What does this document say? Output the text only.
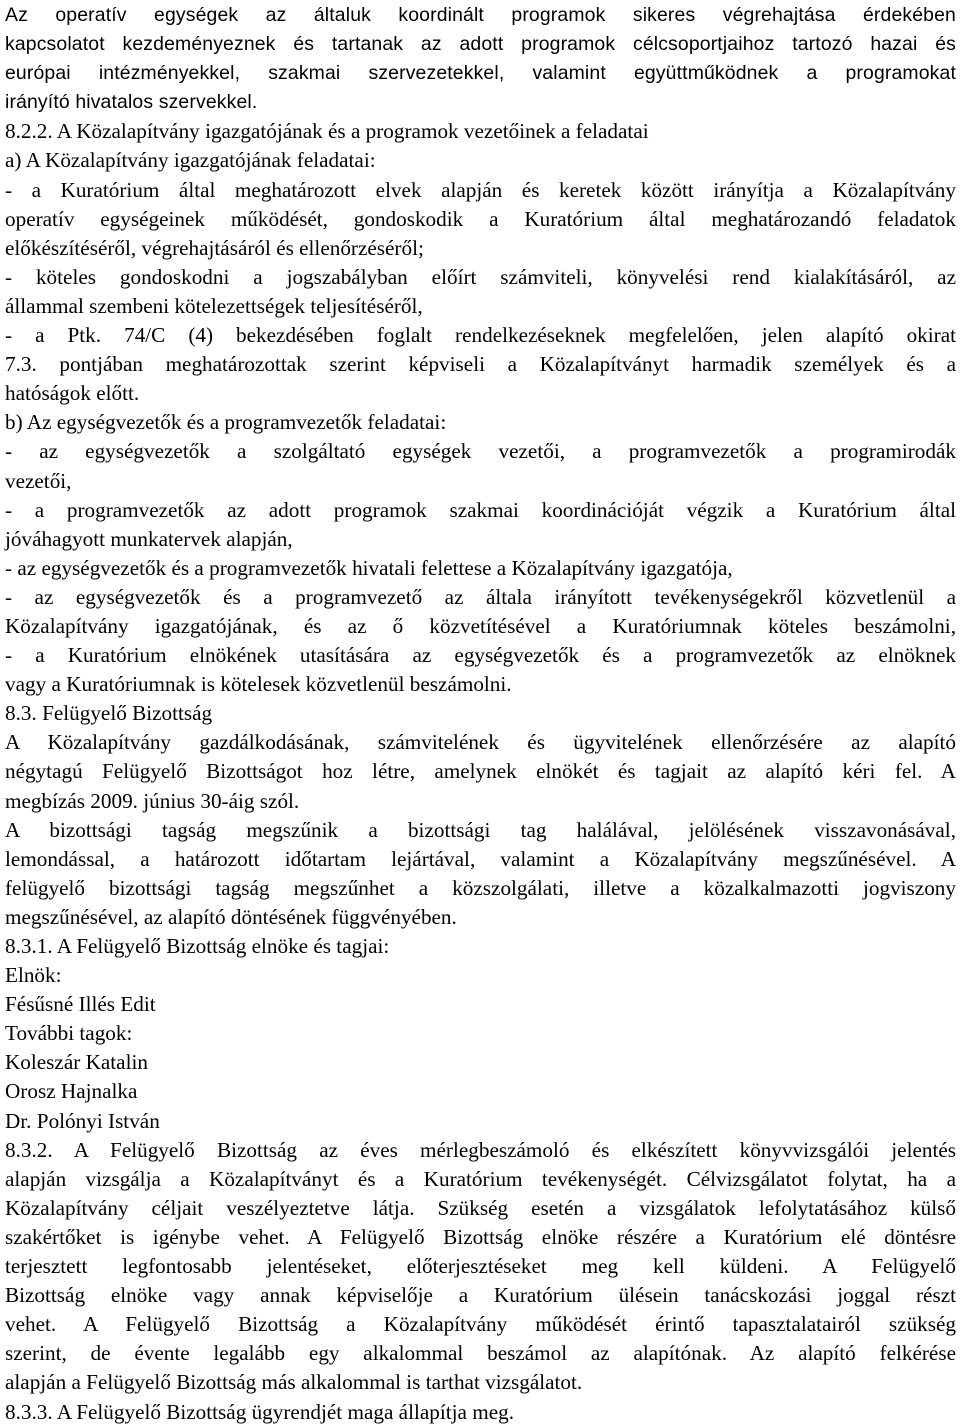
Az operatív egységek az általuk koordinált programok sikeres végrehajtása érdekében
kapcsolatot kezdeményeznek és tartanak az adott programok célcsoportjaihoz tartozó hazai és
európai intézményekkel, szakmai szervezetekkel, valamint együttműködnek a programokat
irányító hivatalos szervekkel.
8.2.2. A Közalapítvány igazgatójának és a programok vezetőinek a feladatai
a) A Közalapítvány igazgatójának feladatai:
- a Kuratórium által meghatározott elvek alapján és keretek között irányítja a Közalapítvány
operatív egységeinek működését, gondoskodik a Kuratórium által meghatározandó feladatok
előkészítéséről, végrehajtásáról és ellenőrzéséről;
- köteles gondoskodni a jogszabályban előírt számviteli, könyvelési rend kialakításáról, az
állammal szembeni kötelezettségek teljesítéséről,
- a Ptk. 74/C (4) bekezdésében foglalt rendelkezéseknek megfelelően, jelen alapító okirat
7.3. pontjában meghatározottak szerint képviseli a Közalapítványt harmadik személyek és a
hatóságok előtt.
b) Az egységvezetők és a programvezetők feladatai:
- az egységvezetők a szolgáltató egységek vezetői, a programvezetők a programirodák
vezetői,
- a programvezetők az adott programok szakmai koordinációját végzik a Kuratórium által
jóváhagyott munkatervek alapján,
- az egységvezetők és a programvezetők hivatali felettese a Közalapítvány igazgatója,
- az egységvezetők és a programvezető az általa irányított tevékenységekről közvetlenül a
Közalapítvány igazgatójának, és az ő közvetítésével a Kuratóriumnak köteles beszámolni,
- a Kuratórium elnökének utasítására az egységvezetők és a programvezetők az elnöknek
vagy a Kuratóriumnak is kötelesek közvetlenül beszámolni.
8.3. Felügyelő Bizottság
A Közalapítvány gazdálkodásának, számvitelének és ügyvitelének ellenőrzésére az alapító
négytagú Felügyelő Bizottságot hoz létre, amelynek elnökét és tagjait az alapító kéri fel. A
megbízás 2009. június 30-áig szól.
A bizottsági tagság megszűnik a bizottsági tag halálával, jelölésének visszavonásával,
lemondással, a határozott időtartam lejártával, valamint a Közalapítvány megszűnésével. A
felügyelő bizottsági tagság megszűnhet a közszolgálati, illetve a közalkalmazotti jogviszony
megszűnésével, az alapító döntésének függvényében.
8.3.1. A Felügyelő Bizottság elnöke és tagjai:
Elnök:
Fésűsné Illés Edit
További tagok:
Koleszár Katalin
Orosz Hajnalka
Dr. Polónyi István
8.3.2. A Felügyelő Bizottság az éves mérlegbeszámoló és elkészített könyvvizsgálói jelentés
alapján vizsgálja a Közalapítványt és a Kuratórium tevékenységét. Célvizsgálatot folytat, ha a
Közalapítvány céljait veszélyeztetve látja. Szükség esetén a vizsgálatok lefolytatásához külső
szakértőket is igénybe vehet. A Felügyelő Bizottság elnöke részére a Kuratórium elé döntésre
terjesztett legfontosabb jelentéseket, előterjesztéseket meg kell küldeni. A Felügyelő
Bizottság elnöke vagy annak képviselője a Kuratórium ülésein tanácskozási joggal részt
vehet. A Felügyelő Bizottság a Közalapítvány működését érintő tapasztalatairól szükség
szerint, de évente legalább egy alkalommal beszámol az alapítónak. Az alapító felkérése
alapján a Felügyelő Bizottság más alkalommal is tarthat vizsgálatot.
8.3.3. A Felügyelő Bizottság ügyrendjét maga állapítja meg.
